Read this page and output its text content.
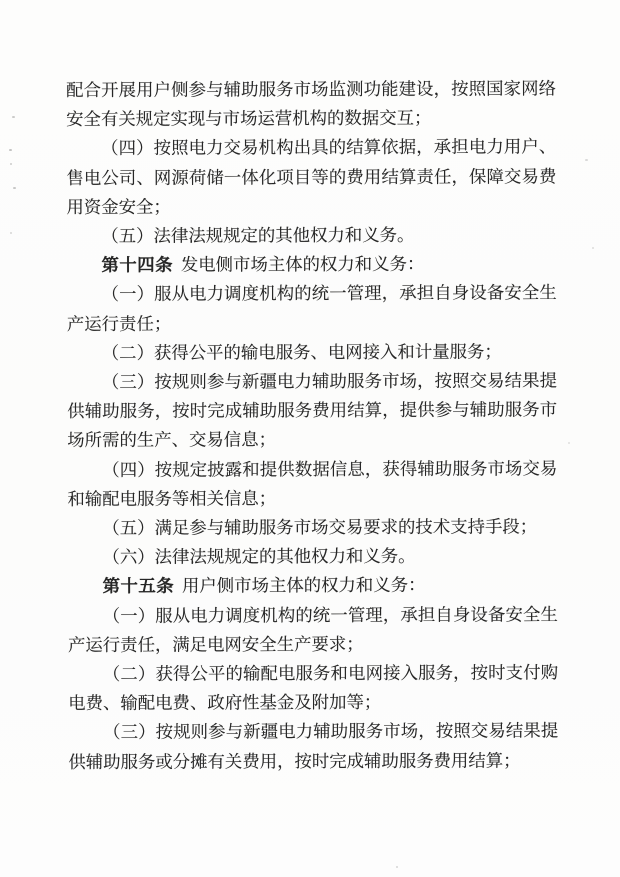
配合开展用户侧参与辅助服务市场监测功能建设，按照国家网络安全有关规定实现与市场运营机构的数据交互；

（四）按照电力交易机构出具的结算依据，承担电力用户、售电公司、网源荷储一体化项目等的费用结算责任，保障交易费用资金安全；

（五）法律法规规定的其他权力和义务。

第十四条 发电侧市场主体的权力和义务：

（一）服从电力调度机构的统一管理，承担自身设备安全生产运行责任；

（二）获得公平的输电服务、电网接入和计量服务；

（三）按规则参与新疆电力辅助服务市场，按照交易结果提供辅助服务，按时完成辅助服务费用结算，提供参与辅助服务市场所需的生产、交易信息；

（四）按规定披露和提供数据信息，获得辅助服务市场交易和输配电服务等相关信息；

（五）满足参与辅助服务市场交易要求的技术支持手段；

（六）法律法规规定的其他权力和义务。

第十五条 用户侧市场主体的权力和义务：

（一）服从电力调度机构的统一管理，承担自身设备安全生产运行责任，满足电网安全生产要求；

（二）获得公平的输配电服务和电网接入服务，按时支付购电费、输配电费、政府性基金及附加等；

（三）按规则参与新疆电力辅助服务市场，按照交易结果提供辅助服务或分摊有关费用，按时完成辅助服务费用结算；
